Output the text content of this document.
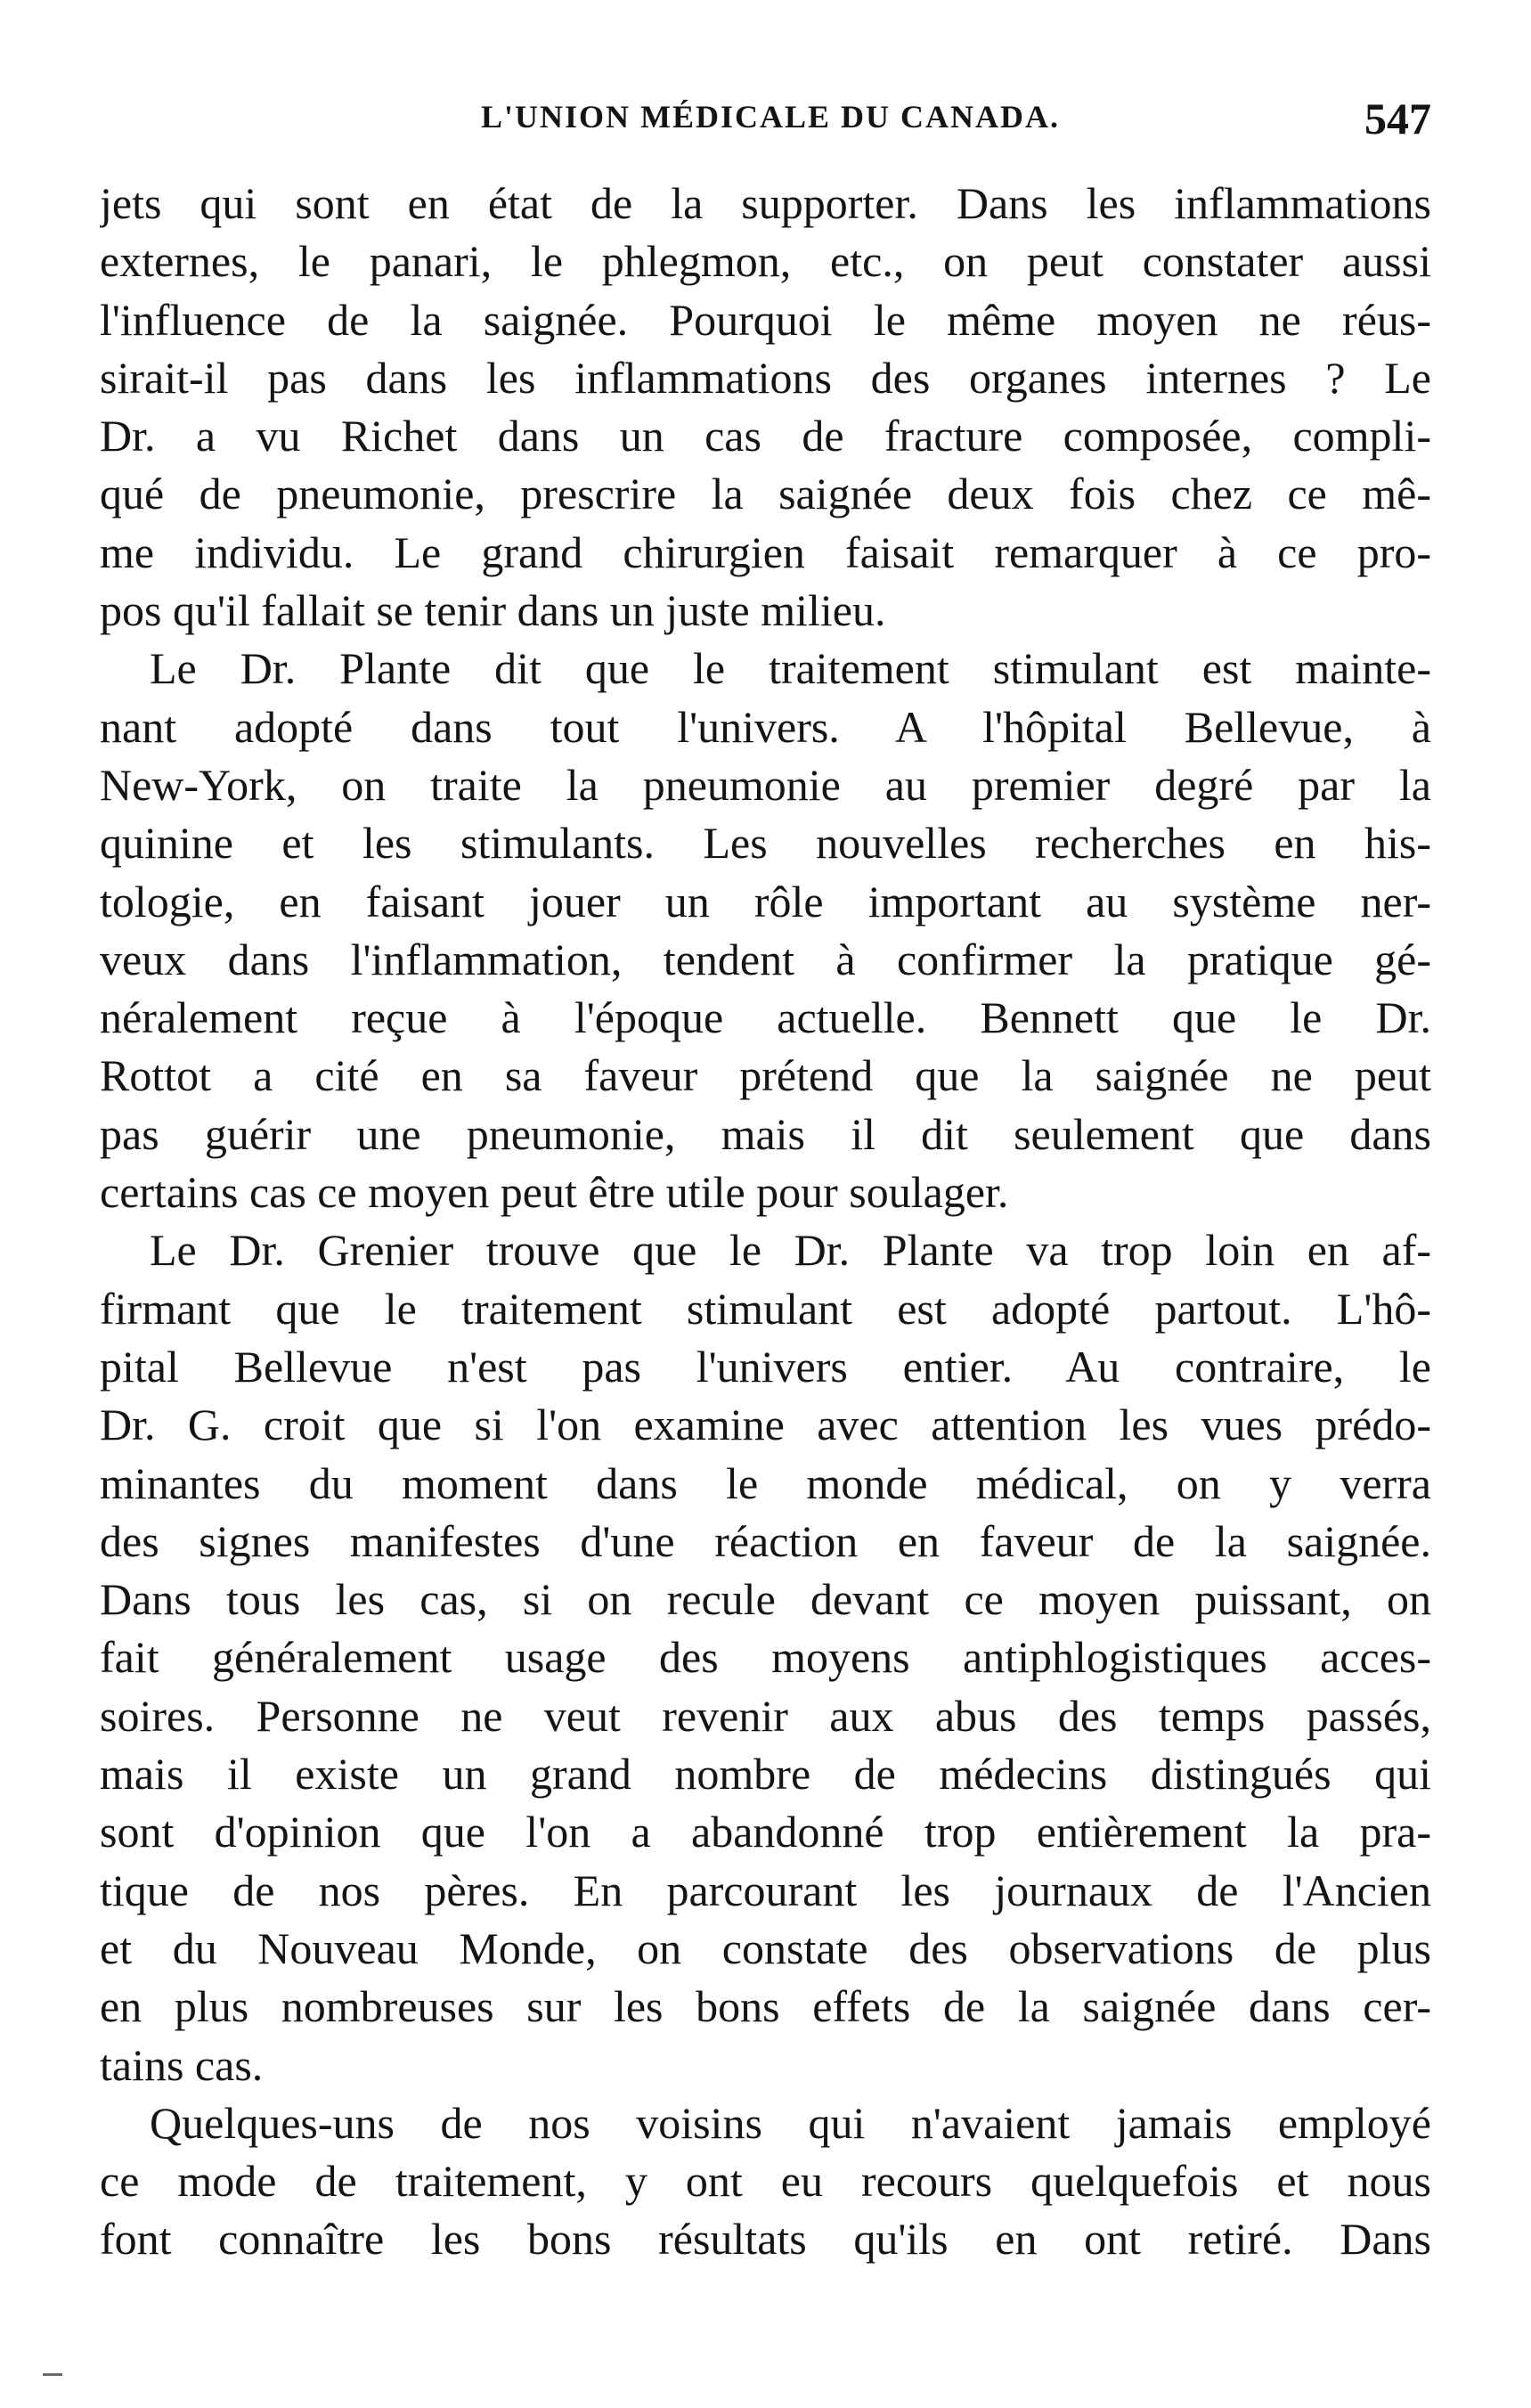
L'UNION MÉDICALE DU CANADA.	547
jets qui sont en état de la supporter. Dans les inflammations
externes, le panari, le phlegmon, etc., on peut constater aussi
l'influence de la saignée. Pourquoi le même moyen ne réus-
sirait-il pas dans les inflammations des organes internes ? Le
Dr. a vu Richet dans un cas de fracture composée, compli-
qué de pneumonie, prescrire la saignée deux fois chez ce mê-
me individu. Le grand chirurgien faisait remarquer à ce pro-
pos qu'il fallait se tenir dans un juste milieu.
Le Dr. Plante dit que le traitement stimulant est mainte-
nant adopté dans tout l'univers. A l'hôpital Bellevue, à
New-York, on traite la pneumonie au premier degré par la
quinine et les stimulants. Les nouvelles recherches en his-
tologie, en faisant jouer un rôle important au système ner-
veux dans l'inflammation, tendent à confirmer la pratique gé-
néralement reçue à l'époque actuelle. Bennett que le Dr.
Rottot a cité en sa faveur prétend que la saignée ne peut
pas guérir une pneumonie, mais il dit seulement que dans
certains cas ce moyen peut être utile pour soulager.
Le Dr. Grenier trouve que le Dr. Plante va trop loin en af-
firmant que le traitement stimulant est adopté partout. L'hô-
pital Bellevue n'est pas l'univers entier. Au contraire, le
Dr. G. croit que si l'on examine avec attention les vues prédo-
minantes du moment dans le monde médical, on y verra
des signes manifestes d'une réaction en faveur de la saignée.
Dans tous les cas, si on recule devant ce moyen puissant, on
fait généralement usage des moyens antiphlogistiques acces-
soires. Personne ne veut revenir aux abus des temps passés,
mais il existe un grand nombre de médecins distingués qui
sont d'opinion que l'on a abandonné trop entièrement la pra-
tique de nos pères. En parcourant les journaux de l'Ancien
et du Nouveau Monde, on constate des observations de plus
en plus nombreuses sur les bons effets de la saignée dans cer-
tains cas.
Quelques-uns de nos voisins qui n'avaient jamais employé
ce mode de traitement, y ont eu recours quelquefois et nous
font connaître les bons résultats qu'ils en ont retiré. Dans
